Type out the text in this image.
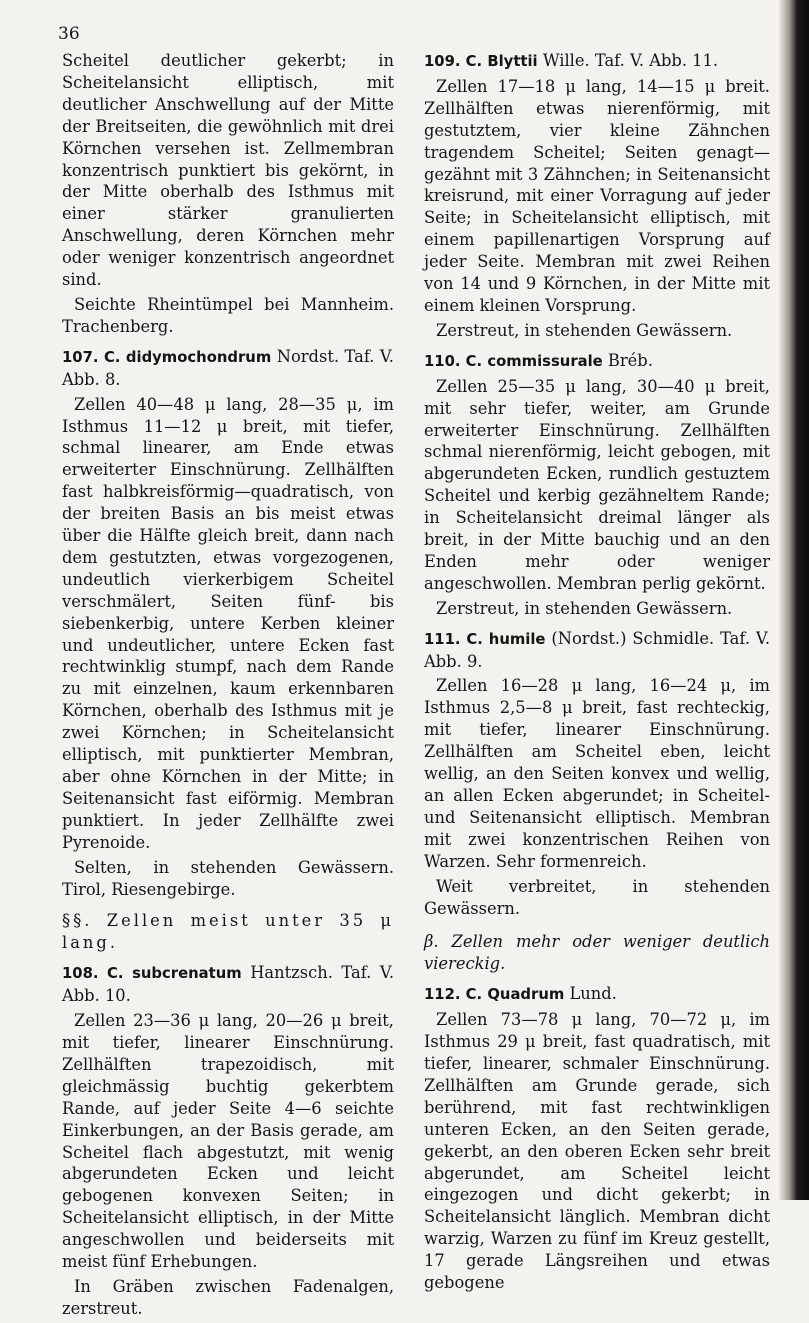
36

Scheitel deutlicher gekerbt; in Scheitelansicht elliptisch, mit deutlicher Anschwellung auf der Mitte der Breitseiten, die gewöhnlich mit drei Körnchen versehen ist. Zellmembran konzentrisch punktiert bis gekörnt, in der Mitte oberhalb des Isthmus mit einer stärker granulierten Anschwellung, deren Körnchen mehr oder weniger konzentrisch angeordnet sind.

Seichte Rheintümpel bei Mannheim. Trachenberg.

107. C. didymochondrum Nordst. Taf. V. Abb. 8.

Zellen 40—48 μ lang, 28—35 μ, im Isthmus 11—12 μ breit, mit tiefer, schmal linearer, am Ende etwas erweiterter Einschnürung. Zellhälften fast halbkreisförmig—quadratisch, von der breiten Basis an bis meist etwas über die Hälfte gleich breit, dann nach dem gestutzten, etwas vorgezogenen, undeutlich vierkerbigem Scheitel verschmälert, Seiten fünf- bis siebenkerbig, untere Kerben kleiner und undeutlicher, untere Ecken fast rechtwinklig stumpf, nach dem Rande zu mit einzelnen, kaum erkennbaren Körnchen, oberhalb des Isthmus mit je zwei Körnchen; in Scheitelansicht elliptisch, mit punktierter Membran, aber ohne Körnchen in der Mitte; in Seitenansicht fast eiförmig. Membran punktiert. In jeder Zellhälfte zwei Pyrenoide.

Selten, in stehenden Gewässern. Tirol, Riesengebirge.

§§. Zellen meist unter 35 μ lang.

108. C. subcrenatum Hantzsch. Taf. V. Abb. 10.

Zellen 23—36 μ lang, 20—26 μ breit, mit tiefer, linearer Einschnürung. Zellhälften trapezoidisch, mit gleichmässig buchtig gekerbtem Rande, auf jeder Seite 4—6 seichte Einkerbungen, an der Basis gerade, am Scheitel flach abgestutzt, mit wenig abgerundeten Ecken und leicht gebogenen konvexen Seiten; in Scheitelansicht elliptisch, in der Mitte angeschwollen und beiderseits mit meist fünf Erhebungen.

In Gräben zwischen Fadenalgen, zerstreut.

109. C. Blyttii Wille. Taf. V. Abb. 11.

Zellen 17—18 μ lang, 14—15 μ breit. Zellhälften etwas nierenförmig, mit gestutztem, vier kleine Zähnchen tragendem Scheitel; Seiten genagt—gezähnt mit 3 Zähnchen; in Seitenansicht kreisrund, mit einer Vorragung auf jeder Seite; in Scheitelansicht elliptisch, mit einem papillenartigen Vorsprung auf jeder Seite. Membran mit zwei Reihen von 14 und 9 Körnchen, in der Mitte mit einem kleinen Vorsprung.

Zerstreut, in stehenden Gewässern.

110. C. commissurale Bréb.

Zellen 25—35 μ lang, 30—40 μ breit, mit sehr tiefer, weiter, am Grunde erweiterter Einschnürung. Zellhälften schmal nierenförmig, leicht gebogen, mit abgerundeten Ecken, rundlich gestuztem Scheitel und kerbig gezähneltem Rande; in Scheitelansicht dreimal länger als breit, in der Mitte bauchig und an den Enden mehr oder weniger angeschwollen. Membran perlig gekörnt.

Zerstreut, in stehenden Gewässern.

111. C. humile (Nordst.) Schmidle. Taf. V. Abb. 9.

Zellen 16—28 μ lang, 16—24 μ, im Isthmus 2,5—8 μ breit, fast rechteckig, mit tiefer, linearer Einschnürung. Zellhälften am Scheitel eben, leicht wellig, an den Seiten konvex und wellig, an allen Ecken abgerundet; in Scheitel- und Seitenansicht elliptisch. Membran mit zwei konzentrischen Reihen von Warzen. Sehr formenreich.

Weit verbreitet, in stehenden Gewässern.

β. Zellen mehr oder weniger deutlich viereckig.

112. C. Quadrum Lund.

Zellen 73—78 μ lang, 70—72 μ, im Isthmus 29 μ breit, fast quadratisch, mit tiefer, linearer, schmaler Einschnürung. Zellhälften am Grunde gerade, sich berührend, mit fast rechtwinkligen unteren Ecken, an den Seiten gerade, gekerbt, an den oberen Ecken sehr breit abgerundet, am Scheitel leicht eingezogen und dicht gekerbt; in Scheitelansicht länglich. Membran dicht warzig, Warzen zu fünf im Kreuz gestellt, 17 gerade Längsreihen und etwas gebogene
